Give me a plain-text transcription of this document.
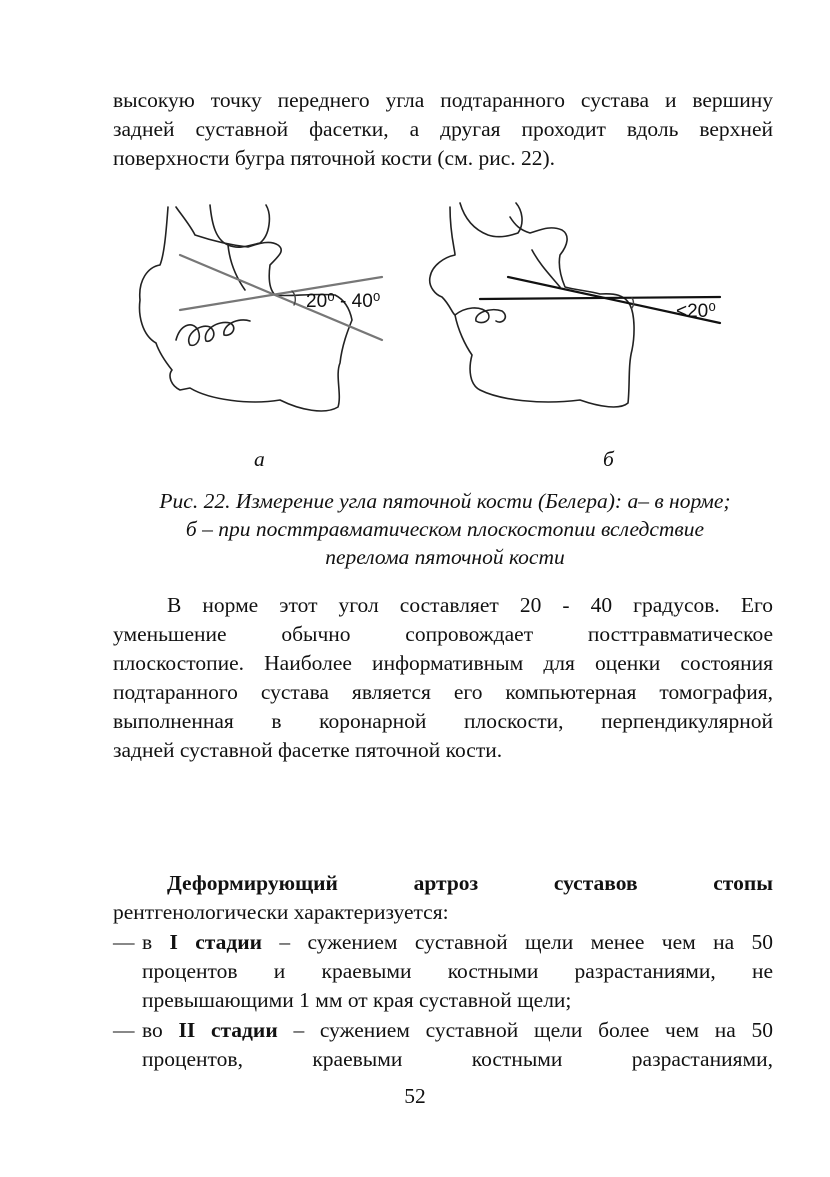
высокую точку переднего угла подтаранного сустава и вершину
задней суставной фасетки, а другая проходит вдоль верхней
поверхности бугра пяточной кости (см. рис. 22).
20⁰ - 40⁰	<20⁰
а	б
Рис. 22. Измерение угла пяточной кости (Белера): а– в норме;
б – при посттравматическом плоскостопии вследствие
перелома пяточной кости
В норме этот угол составляет 20 - 40 градусов. Его
уменьшение обычно сопровождает посттравматическое
плоскостопие. Наиболее информативным для оценки состояния
подтаранного сустава является его компьютерная томография,
выполненная в коронарной плоскости, перпендикулярной
задней суставной фасетке пяточной кости.
Деформирующий артроз суставов стопы
рентгенологически характеризуется:
— в I стадии – сужением суставной щели менее чем на 50
процентов и краевыми костными разрастаниями, не
превышающими 1 мм от края суставной щели;
— во II стадии – сужением суставной щели более чем на 50
процентов, краевыми костными разрастаниями,
52
